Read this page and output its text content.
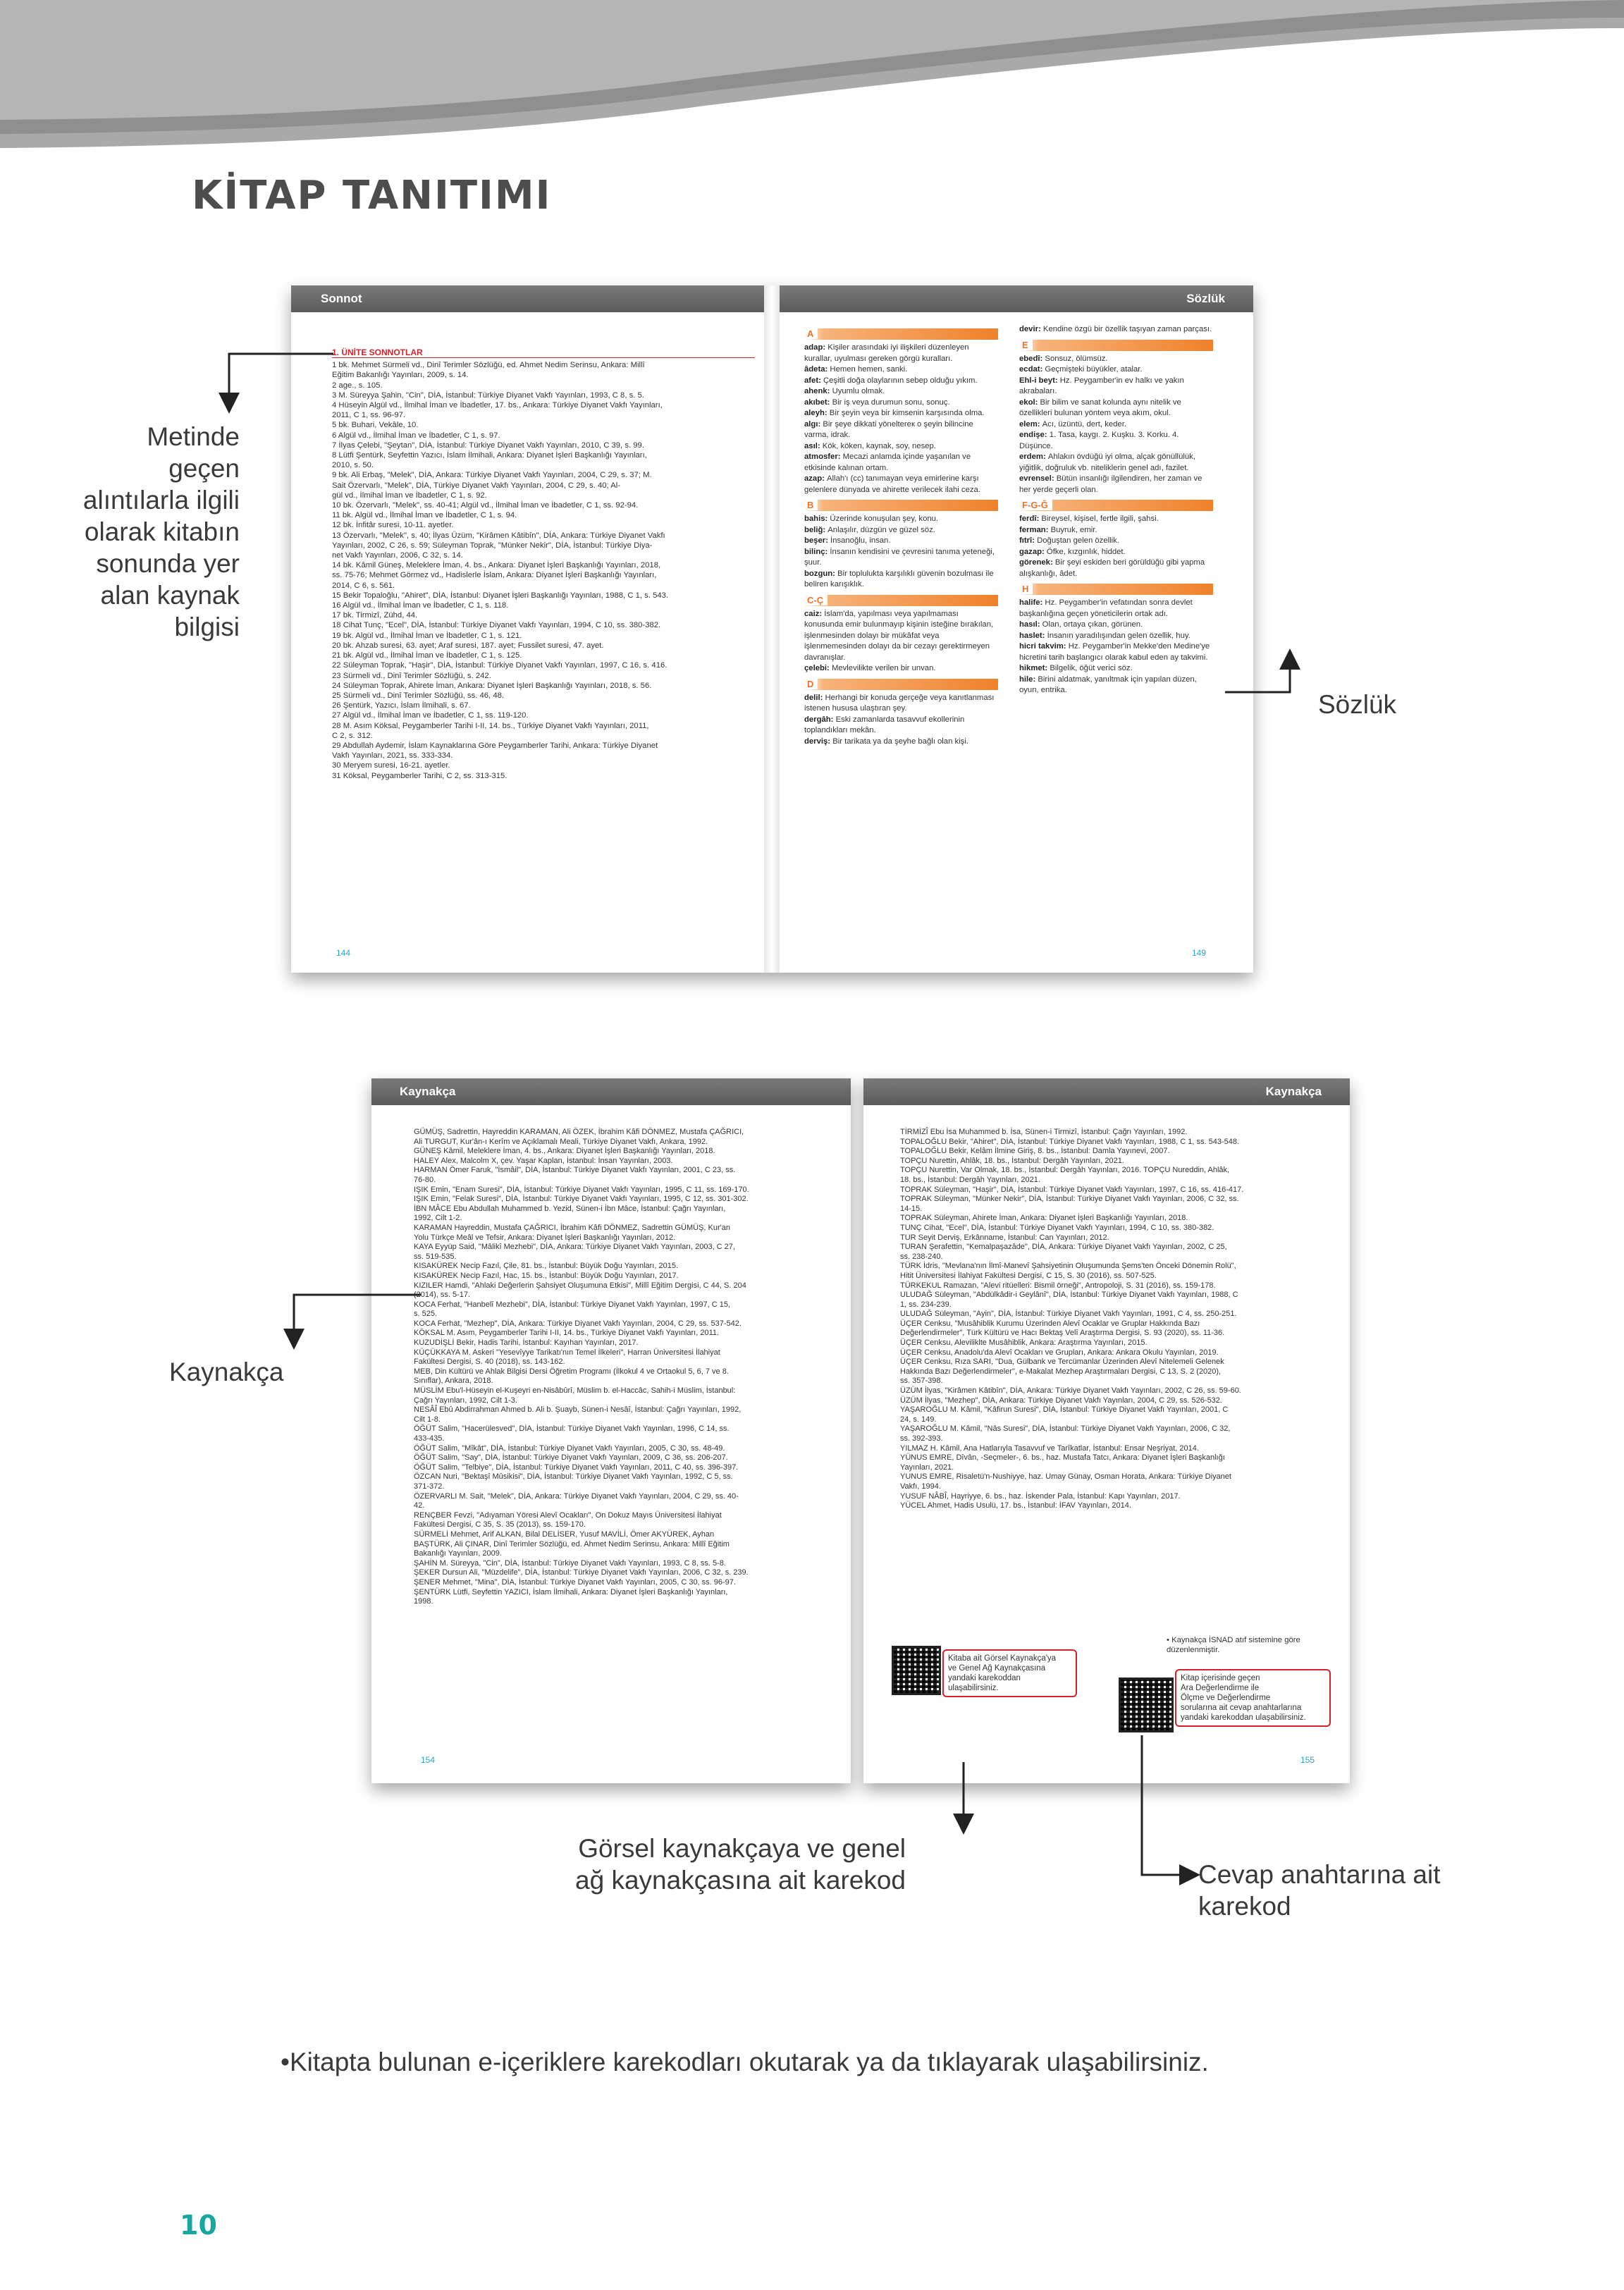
KİTAP TANITIMI
Sonnot	Sözlük
1. ÜNİTE SONNOTLAR
1 bk. Mehmet Sürmeli vd., Dinî Terimler Sözlüğü, ed. Ahmet Nedim Serinsu, Ankara: Millî
Eğitim Bakanlığı Yayınları, 2009, s. 14.
2 age., s. 105.
3 M. Süreyya Şahin, "Cin", DİA, İstanbul: Türkiye Diyanet Vakfı Yayınları, 1993, C 8, s. 5.
4 Hüseyin Algül vd., İlmihal İman ve İbadetler, 17. bs., Ankara: Türkiye Diyanet Vakfı Yayınları,
2011, C 1, ss. 96-97.
5 bk. Buhari, Vekâle, 10.
6 Algül vd., İlmihal İman ve İbadetler, C 1, s. 97.
7 İlyas Çelebi, "Şeytan", DİA, İstanbul: Türkiye Diyanet Vakfı Yayınları, 2010, C 39, s. 99.
8 Lütfi Şentürk, Seyfettin Yazıcı, İslam İlmihali, Ankara: Diyanet İşleri Başkanlığı Yayınları,
2010, s. 50.
9 bk. Ali Erbaş, "Melek", DİA, Ankara: Türkiye Diyanet Vakfı Yayınları, 2004, C 29, s. 37; M.
Sait Özervarlı, "Melek", DİA, Türkiye Diyanet Vakfı Yayınları, 2004, C 29, s. 40; Al-
gül vd., İlmihal İman ve İbadetler, C 1, s. 92.
10 bk. Özervarlı, "Melek", ss. 40-41; Algül vd., İlmihal İman ve İbadetler, C 1, ss. 92-94.
11 bk. Algül vd., İlmihal İman ve İbadetler, C 1, s. 94.
12 bk. İnfitâr suresi, 10-11. ayetler.
13 Özervarlı, "Melek", s. 40; İlyas Üzüm, "Kirâmen Kâtibîn", DİA, Ankara: Türkiye Diyanet Vakfı
Yayınları, 2002, C 26, s. 59; Süleyman Toprak, "Münker Nekir", DİA, İstanbul: Türkiye Diya-
net Vakfı Yayınları, 2006, C 32, s. 14.
14 bk. Kâmil Güneş, Meleklere İman, 4. bs., Ankara: Diyanet İşleri Başkanlığı Yayınları, 2018,
ss. 75-76; Mehmet Görmez vd., Hadislerle İslam, Ankara: Diyanet İşleri Başkanlığı Yayınları,
2014, C 6, s. 561.
15 Bekir Topaloğlu, "Ahiret", DİA, İstanbul: Diyanet İşleri Başkanlığı Yayınları, 1988, C 1, s. 543.
16 Algül vd., İlmihal İman ve İbadetler, C 1, s. 118.
17 bk. Tirmizî, Zühd, 44.
18 Cihat Tunç, "Ecel", DİA, İstanbul: Türkiye Diyanet Vakfı Yayınları, 1994, C 10, ss. 380-382.
19 bk. Algül vd., İlmihal İman ve İbadetler, C 1, s. 121.
20 bk. Ahzab suresi, 63. ayet; Araf suresi, 187. ayet; Fussilet suresi, 47. ayet.
21 bk. Algül vd., İlmihal İman ve İbadetler, C 1, s. 125.
22 Süleyman Toprak, "Haşir", DİA, İstanbul: Türkiye Diyanet Vakfı Yayınları, 1997, C 16, s. 416.
23 Sürmeli vd., Dinî Terimler Sözlüğü, s. 242.
24 Süleyman Toprak, Ahirete İman, Ankara: Diyanet İşleri Başkanlığı Yayınları, 2018, s. 56.
25 Sürmeli vd., Dinî Terimler Sözlüğü, ss. 46, 48.
26 Şentürk, Yazıcı, İslam İlmihali, s. 67.
27 Algül vd., İlmihal İman ve İbadetler, C 1, ss. 119-120.
28 M. Asım Köksal, Peygamberler Tarihi I-II, 14. bs., Türkiye Diyanet Vakfı Yayınları, 2011,
C 2, s. 312.
29 Abdullah Aydemir, İslam Kaynaklarına Göre Peygamberler Tarihi, Ankara: Türkiye Diyanet
Vakfı Yayınları, 2021, ss. 333-334.
30 Meryem suresi, 16-21. ayetler.
31 Köksal, Peygamberler Tarihi, C 2, ss. 313-315.
144
A
adap: Kişiler arasındaki iyi ilişkileri düzenleyen kurallar, uyulması gereken görgü kuralları.
âdeta: Hemen hemen, sanki.
afet: Çeşitli doğa olaylarının sebep olduğu yıkım.
ahenk: Uyumlu olmak.
akıbet: Bir iş veya durumun sonu, sonuç.
aleyh: Bir şeyin veya bir kimsenin karşısında olma.
algı: Bir şeye dikkati yöneltereк o şeyin bilincine varma, idrak.
asıl: Kök, köken, kaynak, soy, nesep.
atmosfer: Mecazi anlamda içinde yaşanılan ve etkisinde kalınan ortam.
azap: Allah'ı (cc) tanımayan veya emirlerine karşı gelenlere dünyada ve ahirette verilecek ilahi ceza.
B
bahis: Üzerinde konuşulan şey, konu.
beliğ: Anlaşılır, düzgün ve güzel söz.
beşer: İnsanoğlu, insan.
bilinç: İnsanın kendisini ve çevresini tanıma yeteneği, şuur.
bozgun: Bir toplulukta karşılıklı güvenin bozulması ile beliren karışıklık.
C-Ç
caiz: İslam'da, yapılması veya yapılmaması konusunda emir bulunmayıp kişinin isteğine bırakılan, işlenmesinden dolayı bir mükâfat veya işlenmemesinden dolayı da bir cezayı gerektirmeyen davranışlar.
çelebi: Mevlevilikte verilen bir unvan.
D
delil: Herhangi bir konuda gerçeğe veya kanıtlanması istenen hususa ulaştıran şey.
dergâh: Eski zamanlarda tasavvuf ekollerinin toplandıkları mekân.
derviş: Bir tarikata ya da şeyhe bağlı olan kişi.
devir: Kendine özgü bir özellik taşıyan zaman parçası.
E
ebedî: Sonsuz, ölümsüz.
ecdat: Geçmişteki büyükler, atalar.
Ehl-i beyt: Hz. Peygamber'in ev halkı ve yakın akrabaları.
ekol: Bir bilim ve sanat kolunda aynı nitelik ve özellikleri bulunan yöntem veya akım, okul.
elem: Acı, üzüntü, dert, keder.
endişe: 1. Tasa, kaygı. 2. Kuşku. 3. Korku. 4. Düşünce.
erdem: Ahlakın övdüğü iyi olma, alçak gönüllülük, yiğitlik, doğruluk vb. niteliklerin genel adı, fazilet.
evrensel: Bütün insanlığı ilgilendiren, her zaman ve her yerde geçerli olan.
F-G-Ğ
ferdî: Bireysel, kişisel, fertle ilgili, şahsi.
ferman: Buyruk, emir.
fıtrî: Doğuştan gelen özellik.
gazap: Öfke, kızgınlık, hiddet.
görenek: Bir şeyi eskiden beri görüldüğü gibi yapma alışkanlığı, âdet.
H
halife: Hz. Peygamber'in vefatından sonra devlet başkanlığına geçen yöneticilerin ortak adı.
hasıl: Olan, ortaya çıkan, görünen.
haslet: İnsanın yaradılışından gelen özellik, huy.
hicri takvim: Hz. Peygamber'in Mekke'den Medine'ye hicretini tarih başlangıcı olarak kabul eden ay takvimi.
hikmet: Bilgelik, öğüt verici söz.
hile: Birini aldatmak, yanıltmak için yapılan düzen, oyun, entrika.
149
Kaynakça
GÜMÜŞ, Sadrettin, Hayreddin KARAMAN, Ali ÖZEK, İbrahim Kâfi DÖNMEZ, Mustafa ÇAĞRICI,
Ali TURGUT, Kur'ân-ı Kerîm ve Açıklamalı Meali, Türkiye Diyanet Vakfı, Ankara, 1992.
GÜNEŞ Kâmil, Meleklere İman, 4. bs., Ankara: Diyanet İşleri Başkanlığı Yayınları, 2018.
HALEY Alex, Malcolm X, çev. Yaşar Kaplan, İstanbul: İnsan Yayınları, 2003.
HARMAN Ömer Faruk, "İsmâil", DİA, İstanbul: Türkiye Diyanet Vakfı Yayınları, 2001, C 23, ss.
76-80.
IŞIK Emin, "Enam Suresi", DİA, İstanbul: Türkiye Diyanet Vakfı Yayınları, 1995, C 11, ss. 169-170.
IŞIK Emin, "Felak Suresi", DİA, İstanbul: Türkiye Diyanet Vakfı Yayınları, 1995, C 12, ss. 301-302.
İBN MÂCE Ebu Abdullah Muhammed b. Yezid, Sünen-i İbn Mâce, İstanbul: Çağrı Yayınları,
1992, Cilt 1-2.
KARAMAN Hayreddin, Mustafa ÇAĞRICI, İbrahim Kâfi DÖNMEZ, Sadrettin GÜMÜŞ, Kur'an
Yolu Türkçe Meâl ve Tefsir, Ankara: Diyanet İşleri Başkanlığı Yayınları, 2012.
KAYA Eyyüp Said, "Mâlikî Mezhebi", DİA, Ankara: Türkiye Diyanet Vakfı Yayınları, 2003, C 27,
ss. 519-535.
KISAKÜREK Necip Fazıl, Çile, 81. bs., İstanbul: Büyük Doğu Yayınları, 2015.
KISAKÜREK Necip Fazıl, Hac, 15. bs., İstanbul: Büyük Doğu Yayınları, 2017.
KIZILER Hamdi, "Ahlaki Değerlerin Şahsiyet Oluşumuna Etkisi", Millî Eğitim Dergisi, C 44, S. 204
(2014), ss. 5-17.
KOCA Ferhat, "Hanbelî Mezhebi", DİA, İstanbul: Türkiye Diyanet Vakfı Yayınları, 1997, C 15,
s. 525.
KOCA Ferhat, "Mezhep", DİA, Ankara: Türkiye Diyanet Vakfı Yayınları, 2004, C 29, ss. 537-542.
KÖKSAL M. Asım, Peygamberler Tarihi I-II, 14. bs., Türkiye Diyanet Vakfı Yayınları, 2011.
KUZUDİŞLİ Bekir, Hadis Tarihi, İstanbul: Kayıhan Yayınları, 2017.
KÜÇÜKKAYA M. Askeri "Yesevîyye Tarikatı'nın Temel İlkeleri", Harran Üniversitesi İlahiyat
Fakültesi Dergisi, S. 40 (2018), ss. 143-162.
MEB, Din Kültürü ve Ahlak Bilgisi Dersi Öğretim Programı (İlkokul 4 ve Ortaokul 5, 6, 7 ve 8.
Sınıflar), Ankara, 2018.
MÜSLİM Ebu'l-Hüseyin el-Kuşeyri en-Nisâbûrî, Müslim b. el-Haccâc, Sahih-i Müslim, İstanbul:
Çağrı Yayınları, 1992, Cilt 1-3.
NESÂÎ Ebû Abdirrahman Ahmed b. Ali b. Şuayb, Sünen-i Nesâî, İstanbul: Çağrı Yayınları, 1992,
Cilt 1-8.
ÖĞÜT Salim, "Hacerülesved", DİA, İstanbul: Türkiye Diyanet Vakfı Yayınları, 1996, C 14, ss.
433-435.
ÖĞÜT Salim, "Mîkât", DİA, İstanbul: Türkiye Diyanet Vakfı Yayınları, 2005, C 30, ss. 48-49.
ÖĞÜT Salim, "Say", DİA, İstanbul: Türkiye Diyanet Vakfı Yayınları, 2009, C 36, ss. 206-207.
ÖĞÜT Salim, "Telbiye", DİA, İstanbul: Türkiye Diyanet Vakfı Yayınları, 2011, C 40, ss. 396-397.
ÖZCAN Nuri, "Bektaşî Mûsikisi", DİA, İstanbul: Türkiye Diyanet Vakfı Yayınları, 1992, C 5, ss.
371-372.
ÖZERVARLI M. Sait, "Melek", DİA, Ankara: Türkiye Diyanet Vakfı Yayınları, 2004, C 29, ss. 40-
42.
RENÇBER Fevzi, "Adıyaman Yöresi Alevî Ocakları", On Dokuz Mayıs Üniversitesi İlahiyat
Fakültesi Dergisi, C 35, S. 35 (2013), ss. 159-170.
SÜRMELİ Mehmet, Arif ALKAN, Bilal DELİSER, Yusuf MAVİLİ, Ömer AKYÜREK, Ayhan
BAŞTÜRK, Ali ÇINAR, Dinî Terimler Sözlüğü, ed. Ahmet Nedim Serinsu, Ankara: Millî Eğitim
Bakanlığı Yayınları, 2009.
ŞAHİN M. Süreyya, "Cin", DİA, İstanbul: Türkiye Diyanet Vakfı Yayınları, 1993, C 8, ss. 5-8.
ŞEKER Dursun Ali, "Müzdelife", DİA, İstanbul: Türkiye Diyanet Vakfı Yayınları, 2006, C 32, s. 239.
ŞENER Mehmet, "Mina", DİA, İstanbul: Türkiye Diyanet Vakfı Yayınları, 2005, C 30, ss. 96-97.
ŞENTÜRK Lütfi, Seyfettin YAZICI, İslam İlmihali, Ankara: Diyanet İşleri Başkanlığı Yayınları,
1998.
154
Kaynakça
TİRMİZÎ Ebu İsa Muhammed b. İsa, Sünen-i Tirmizî, İstanbul: Çağrı Yayınları, 1992.
TOPALOĞLU Bekir, "Ahiret", DİA, İstanbul: Türkiye Diyanet Vakfı Yayınları, 1988, C 1, ss. 543-548.
TOPALOĞLU Bekir, Kelâm İlmine Giriş, 8. bs., İstanbul: Damla Yayınevi, 2007.
TOPÇU Nurettin, Ahlâk, 18. bs., İstanbul: Dergâh Yayınları, 2021.
TOPÇU Nurettin, Var Olmak, 18. bs., İstanbul: Dergâh Yayınları, 2016. TOPÇU Nureddin, Ahlâk,
18. bs., İstanbul: Dergâh Yayınları, 2021.
TOPRAK Süleyman, "Haşir", DİA, İstanbul: Türkiye Diyanet Vakfı Yayınları, 1997, C 16, ss. 416-417.
TOPRAK Süleyman, "Münker Nekir", DİA, İstanbul: Türkiye Diyanet Vakfı Yayınları, 2006, C 32, ss.
14-15.
TOPRAK Süleyman, Ahirete İman, Ankara: Diyanet İşleri Başkanlığı Yayınları, 2018.
TUNÇ Cihat, "Ecel", DİA, İstanbul: Türkiye Diyanet Vakfı Yayınları, 1994, C 10, ss. 380-382.
TUR Seyit Derviş, Erkânname, İstanbul: Can Yayınları, 2012.
TURAN Şerafettin, "Kemalpaşazâde", DİA, Ankara: Türkiye Diyanet Vakfı Yayınları, 2002, C 25,
ss. 238-240.
TÜRK İdris, "Mevlana'nın İlmî-Manevî Şahsiyetinin Oluşumunda Şems'ten Önceki Dönemin Rolü",
Hitit Üniversitesi İlahiyat Fakültesi Dergisi, C 15, S. 30 (2016), ss. 507-525.
TÜRKEKUL Ramazan, "Alevi ritüelleri: Bismil örneği", Antropoloji, S. 31 (2016), ss. 159-178.
ULUDAĞ Süleyman, "Abdülkâdir-i Geylânî", DİA, İstanbul: Türkiye Diyanet Vakfı Yayınları, 1988, C
1, ss. 234-239.
ULUDAĞ Süleyman, "Ayin", DİA, İstanbul: Türkiye Diyanet Vakfı Yayınları, 1991, C 4, ss. 250-251.
ÜÇER Cenksu, "Musâhiblik Kurumu Üzerinden Alevî Ocaklar ve Gruplar Hakkında Bazı
Değerlendirmeler", Türk Kültürü ve Hacı Bektaş Velî Araştırma Dergisi, S. 93 (2020), ss. 11-36.
ÜÇER Cenksu, Aleviliklte Musâhiblik, Ankara: Araştırma Yayınları, 2015.
ÜÇER Cenksu, Anadolu'da Alevî Ocakları ve Grupları, Ankara: Ankara Okulu Yayınları, 2019.
ÜÇER Cenksu, Rıza SARI, "Dua, Gülbank ve Tercümanlar Üzerinden Alevî Nitelemeli Gelenek
Hakkında Bazı Değerlendirmeler", e-Makalat Mezhep Araştırmaları Dergisi, C 13, S. 2 (2020),
ss. 357-398.
ÜZÜM İlyas, "Kirâmen Kâtibîn", DİA, Ankara: Türkiye Diyanet Vakfı Yayınları, 2002, C 26, ss. 59-60.
ÜZÜM İlyas, "Mezhep", DİA, Ankara: Türkiye Diyanet Vakfı Yayınları, 2004, C 29, ss. 526-532.
YAŞAROĞLU M. Kâmil, "Kâfirun Suresi", DİA, İstanbul: Türkiye Diyanet Vakfı Yayınları, 2001, C
24, s. 149.
YAŞAROĞLU M. Kâmil, "Nâs Suresi", DİA, İstanbul: Türkiye Diyanet Vakfı Yayınları, 2006, C 32,
ss. 392-393.
YILMAZ H. Kâmil, Ana Hatlarıyla Tasavvuf ve Tarîkatlar, İstanbul: Ensar Neşriyat, 2014.
YÜNUS EMRE, Dîvân, -Seçmeler-, 6. bs., haz. Mustafa Tatcı, Ankara: Diyanet İşleri Başkanlığı
Yayınları, 2021.
YUNUS EMRE, Risaletü'n-Nushiyye, haz. Umay Günay, Osman Horata, Ankara: Türkiye Diyanet
Vakfı, 1994.
YUSUF NÂBÎ, Hayriyye, 6. bs., haz. İskender Pala, İstanbul: Kapı Yayınları, 2017.
YÜCEL Ahmet, Hadis Usulü, 17. bs., İstanbul: İFAV Yayınları, 2014.
• Kaynakça İSNAD atıf sistemine göre düzenlenmiştir.
Kitaba ait Görsel Kaynakça'ya
ve Genel Ağ Kaynakçasına
yandaki karekoddan ulaşabilirsiniz.
Kitap içerisinde geçen
Ara Değerlendirme ile
Ölçme ve Değerlendirme
sorularına ait cevap anahtarlarına
yandaki karekoddan ulaşabilirsiniz.
155
Metinde
geçen
alıntılarla ilgili
olarak kitabın
sonunda yer
alan kaynak
bilgisi
Sözlük
Kaynakça
Görsel kaynakçaya ve genel
ağ kaynakçasına ait karekod	Cevap anahtarına ait
karekod
•Kitapta bulunan e-içeriklere karekodları okutarak ya da tıklayarak ulaşabilirsiniz.
10
